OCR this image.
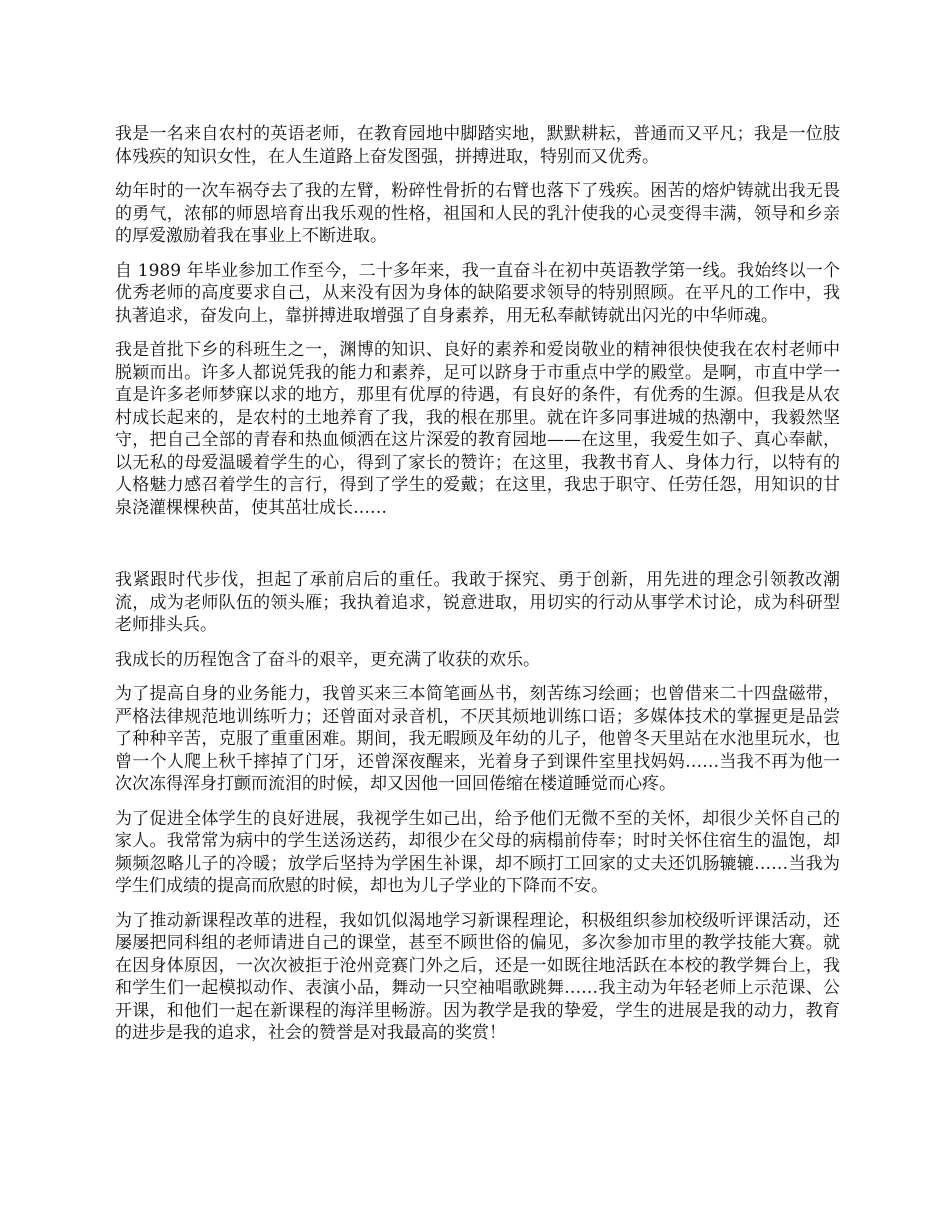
我是一名来自农村的英语老师，在教育园地中脚踏实地，默默耕耘，普通而又平凡；我是一位肢体残疾的知识女性，在人生道路上奋发图强，拼搏进取，特别而又优秀。

幼年时的一次车祸夺去了我的左臂，粉碎性骨折的右臂也落下了残疾。困苦的熔炉铸就出我无畏的勇气，浓郁的师恩培育出我乐观的性格，祖国和人民的乳汁使我的心灵变得丰满，领导和乡亲的厚爱激励着我在事业上不断进取。

自 1989 年毕业参加工作至今，二十多年来，我一直奋斗在初中英语教学第一线。我始终以一个优秀老师的高度要求自己，从来没有因为身体的缺陷要求领导的特别照顾。在平凡的工作中，我执著追求，奋发向上，靠拼搏进取增强了自身素养，用无私奉献铸就出闪光的中华师魂。

我是首批下乡的科班生之一，渊博的知识、良好的素养和爱岗敬业的精神很快使我在农村老师中脱颖而出。许多人都说凭我的能力和素养，足可以跻身于市重点中学的殿堂。是啊，市直中学一直是许多老师梦寐以求的地方，那里有优厚的待遇，有良好的条件，有优秀的生源。但我是从农村成长起来的，是农村的土地养育了我，我的根在那里。就在许多同事进城的热潮中，我毅然坚守，把自己全部的青春和热血倾洒在这片深爱的教育园地——在这里，我爱生如子、真心奉献，以无私的母爱温暖着学生的心，得到了家长的赞许；在这里，我教书育人、身体力行，以特有的人格魅力感召着学生的言行，得到了学生的爱戴；在这里，我忠于职守、任劳任怨，用知识的甘泉浇灌棵棵秧苗，使其茁壮成长……

我紧跟时代步伐，担起了承前启后的重任。我敢于探究、勇于创新，用先进的理念引领教改潮流，成为老师队伍的领头雁；我执着追求，锐意进取，用切实的行动从事学术讨论，成为科研型老师排头兵。

我成长的历程饱含了奋斗的艰辛，更充满了收获的欢乐。

为了提高自身的业务能力，我曾买来三本简笔画丛书，刻苦练习绘画；也曾借来二十四盘磁带，严格法律规范地训练听力；还曾面对录音机，不厌其烦地训练口语；多媒体技术的掌握更是品尝了种种辛苦，克服了重重困难。期间，我无暇顾及年幼的儿子，他曾冬天里站在水池里玩水，也曾一个人爬上秋千摔掉了门牙，还曾深夜醒来，光着身子到课件室里找妈妈……当我不再为他一次次冻得浑身打颤而流泪的时候，却又因他一回回倦缩在楼道睡觉而心疼。

为了促进全体学生的良好进展，我视学生如己出，给予他们无微不至的关怀，却很少关怀自己的家人。我常常为病中的学生送汤送药，却很少在父母的病榻前侍奉；时时关怀住宿生的温饱，却频频忽略儿子的冷暖；放学后坚持为学困生补课，却不顾打工回家的丈夫还饥肠辘辘……当我为学生们成绩的提高而欣慰的时候，却也为儿子学业的下降而不安。

为了推动新课程改革的进程，我如饥似渴地学习新课程理论，积极组织参加校级听评课活动，还屡屡把同科组的老师请进自己的课堂，甚至不顾世俗的偏见，多次参加市里的教学技能大赛。就在因身体原因，一次次被拒于沧州竞赛门外之后，还是一如既往地活跃在本校的教学舞台上，我和学生们一起模拟动作、表演小品，舞动一只空袖唱歌跳舞……我主动为年轻老师上示范课、公开课，和他们一起在新课程的海洋里畅游。因为教学是我的挚爱，学生的进展是我的动力，教育的进步是我的追求，社会的赞誉是对我最高的奖赏！
